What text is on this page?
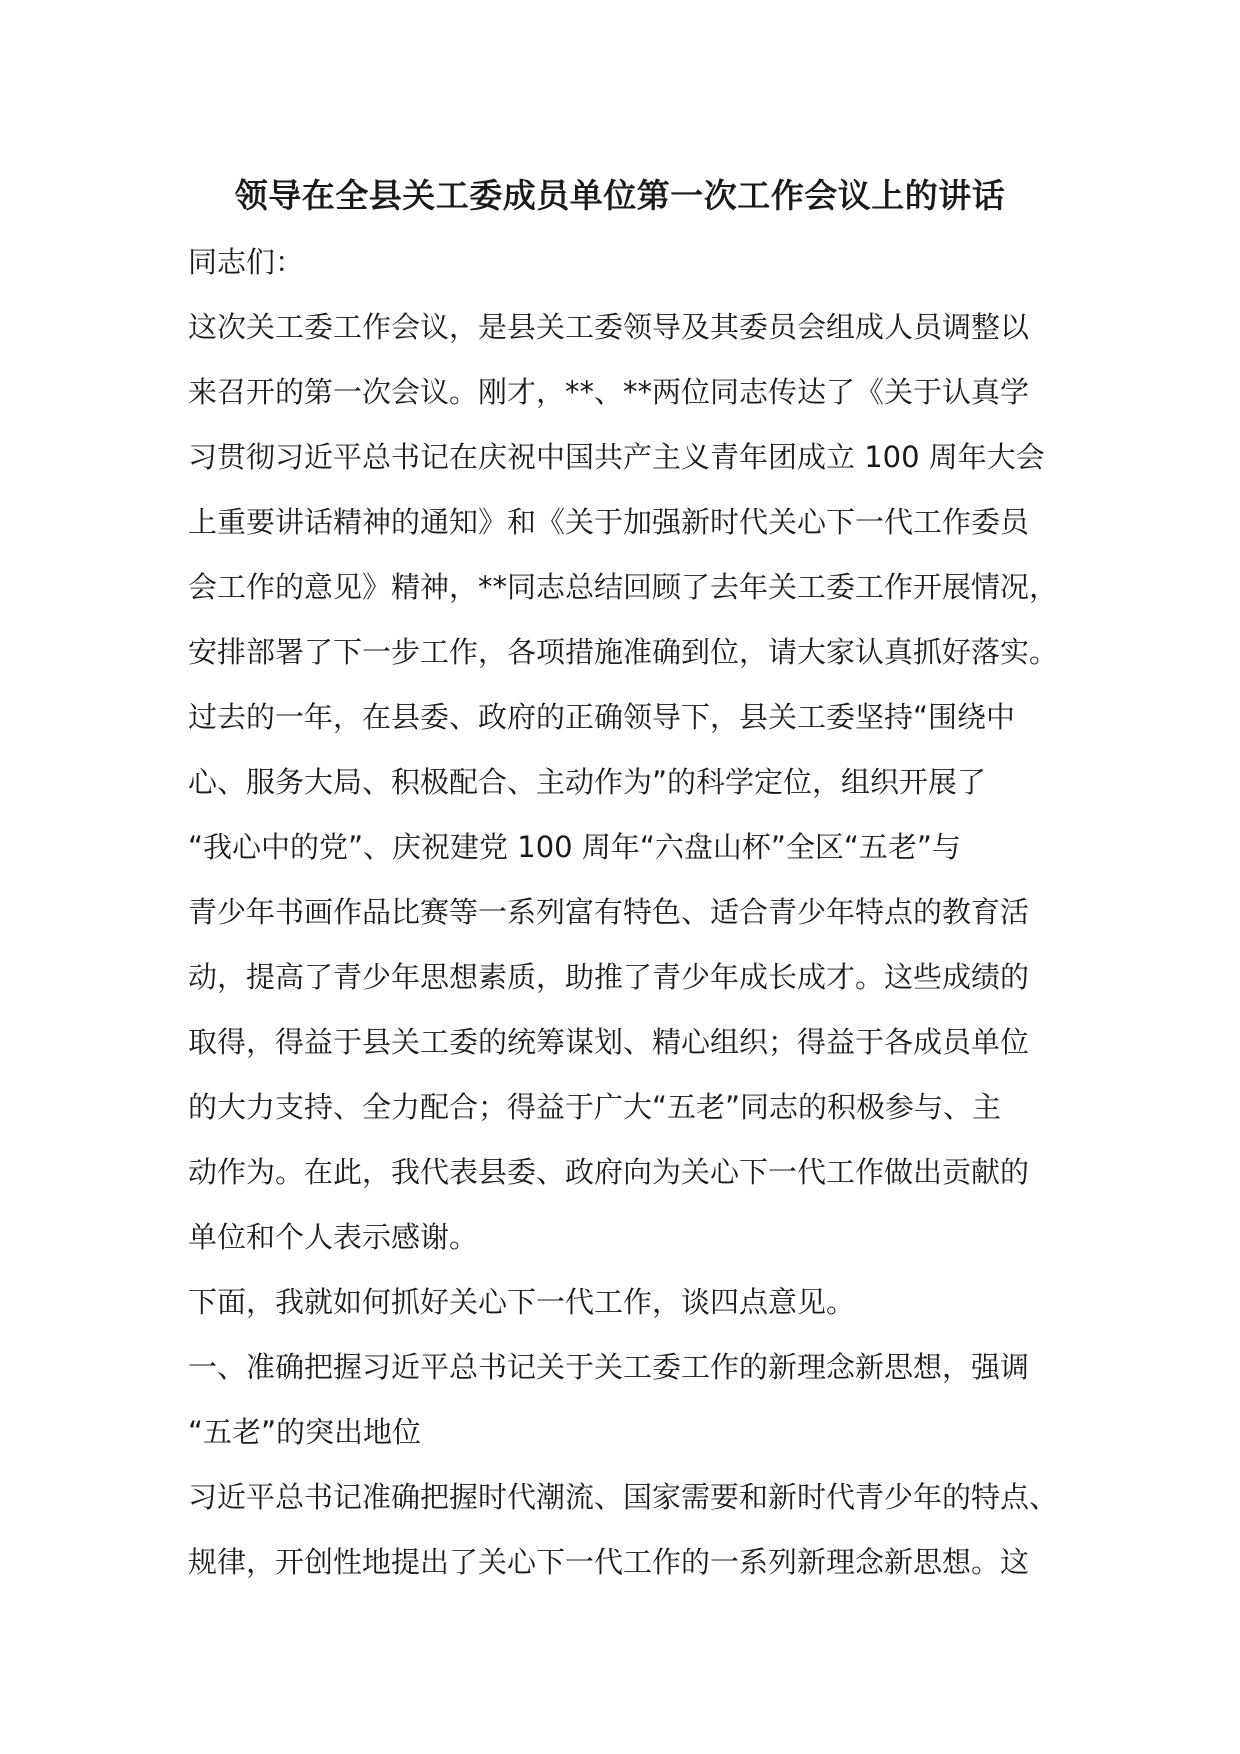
领导在全县关工委成员单位第一次工作会议上的讲话

同志们：

这次关工委工作会议，是县关工委领导及其委员会组成人员调整以

来召开的第一次会议。刚才，**、**两位同志传达了《关于认真学

习贯彻习近平总书记在庆祝中国共产主义青年团成立 100 周年大会

上重要讲话精神的通知》和《关于加强新时代关心下一代工作委员

会工作的意见》精神，**同志总结回顾了去年关工委工作开展情况，

安排部署了下一步工作，各项措施准确到位，请大家认真抓好落实。

过去的一年，在县委、政府的正确领导下，县关工委坚持“围绕中

心、服务大局、积极配合、主动作为”的科学定位，组织开展了

“我心中的党”、庆祝建党 100 周年“六盘山杯”全区“五老”与

青少年书画作品比赛等一系列富有特色、适合青少年特点的教育活

动，提高了青少年思想素质，助推了青少年成长成才。这些成绩的

取得，得益于县关工委的统筹谋划、精心组织；得益于各成员单位

的大力支持、全力配合；得益于广大“五老”同志的积极参与、主

动作为。在此，我代表县委、政府向为关心下一代工作做出贡献的

单位和个人表示感谢。

下面，我就如何抓好关心下一代工作，谈四点意见。

一、准确把握习近平总书记关于关工委工作的新理念新思想，强调

“五老”的突出地位

习近平总书记准确把握时代潮流、国家需要和新时代青少年的特点、

规律，开创性地提出了关心下一代工作的一系列新理念新思想。这
